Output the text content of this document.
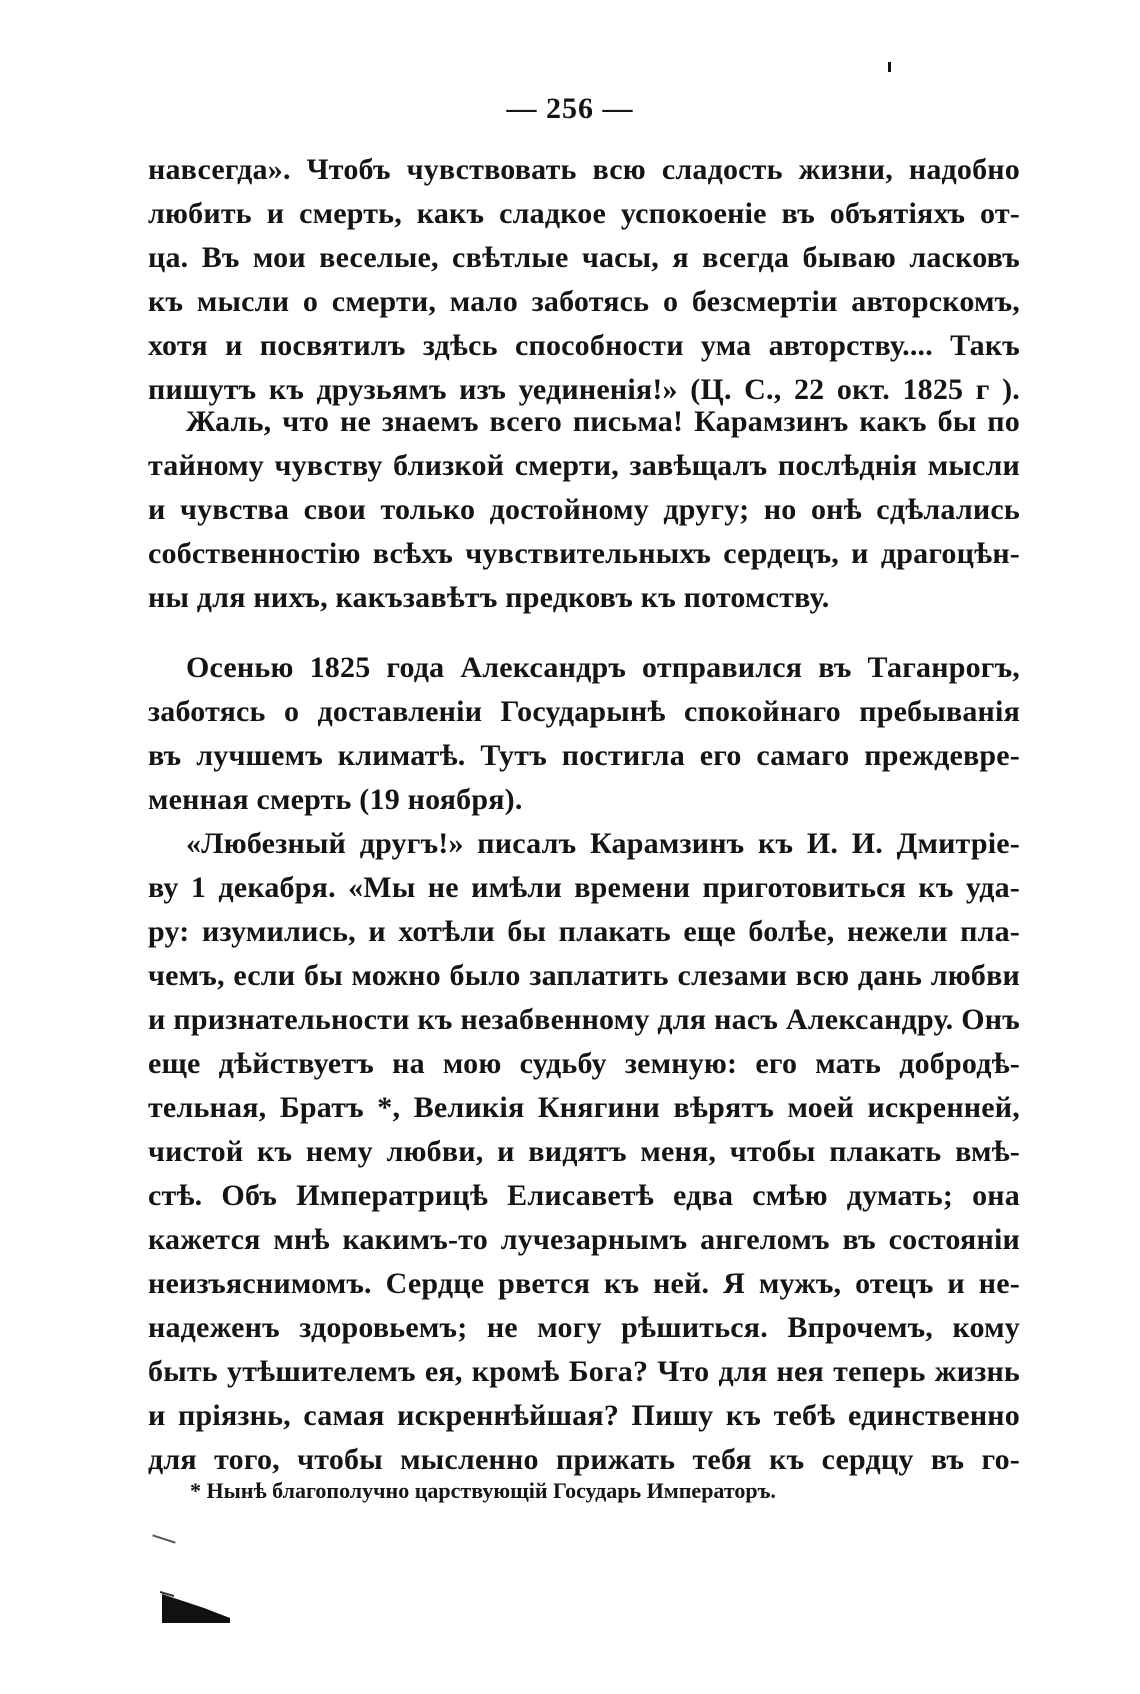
— 256 —
навсегда». Чтобъ чувствовать всю сладость жизни, надобно
любить и смерть, какъ сладкое успокоеніе въ объятіяхъ от-
ца. Въ мои веселые, свѣтлые часы, я всегда бываю ласковъ
къ мысли о смерти, мало заботясь о безсмертіи авторскомъ,
хотя и посвятилъ здѣсь способности ума авторству.... Такъ
пишутъ къ друзьямъ изъ уединенія!» (Ц. С., 22 окт. 1825 г ).
Жаль, что не знаемъ всего письма! Карамзинъ какъ бы по
тайному чувству близкой смерти, завѣщалъ послѣднія мысли
и чувства свои только достойному другу; но онѣ сдѣлались
собственностію всѣхъ чувствительныхъ сердецъ, и драгоцѣн-
ны для нихъ, какъзавѣтъ предковъ къ потомству.
Осенью 1825 года Александръ отправился въ Таганрогъ,
заботясь о доставленіи Государынѣ спокойнаго пребыванія
въ лучшемъ климатѣ. Тутъ постигла его самаго преждевре-
менная смерть (19 ноября).
«Любезный другъ!» писалъ Карамзинъ къ И. И. Дмитріе-
ву 1 декабря. «Мы не имѣли времени приготовиться къ уда-
ру: изумились, и хотѣли бы плакать еще болѣе, нежели пла-
чемъ, если бы можно было заплатить слезами всю дань любви
и признательности къ незабвенному для насъ Александру. Онъ
еще дѣйствуетъ на мою судьбу земную: его мать добродѣ-
тельная, Братъ *, Великія Княгини вѣрятъ моей искренней,
чистой къ нему любви, и видятъ меня, чтобы плакать вмѣ-
стѣ. Объ Императрицѣ Елисаветѣ едва смѣю думать; она
кажется мнѣ какимъ-то лучезарнымъ ангеломъ въ состояніи
неизъяснимомъ. Сердце рвется къ ней. Я мужъ, отецъ и не-
надеженъ здоровьемъ; не могу рѣшиться. Впрочемъ, кому
быть утѣшителемъ ея, кромѣ Бога? Что для нея теперь жизнь
и пріязнь, самая искреннѣйшая? Пишу къ тебѣ единственно
для того, чтобы мысленно прижать тебя къ сердцу въ го-
* Нынѣ благополучно царствующій Государь Императоръ.
